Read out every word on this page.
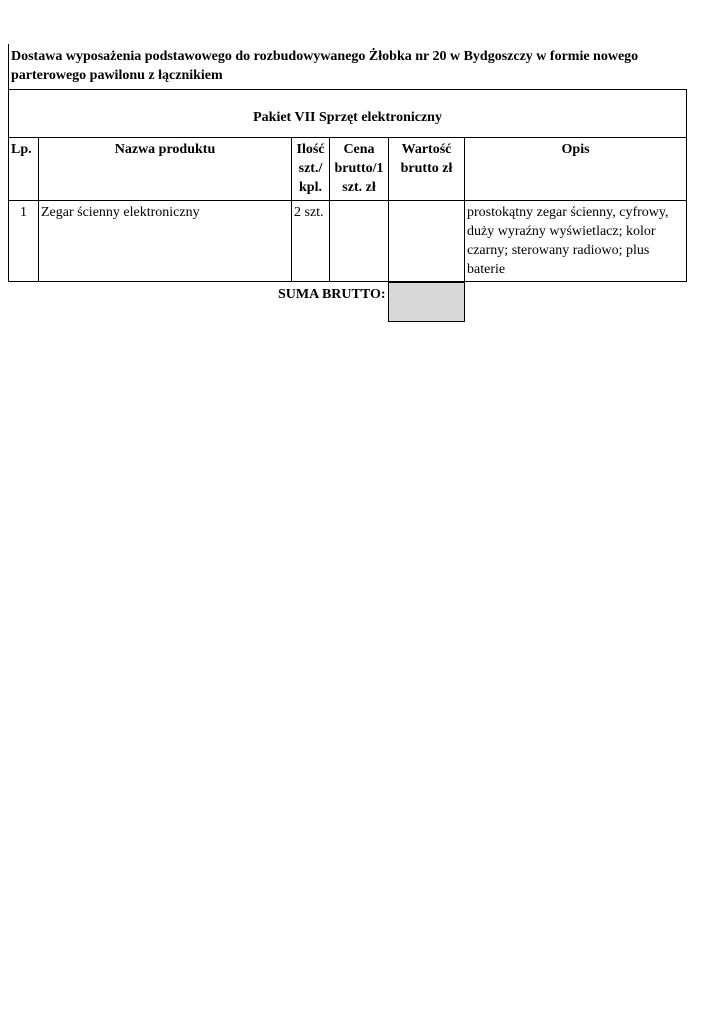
Dostawa wyposażenia podstawowego do rozbudowywanego Żłobka nr 20 w Bydgoszczy w formie nowego parterowego pawilonu z łącznikiem
Pakiet VII Sprzęt elektroniczny					
Lp.	Nazwa produktu	Ilość szt./ kpl.	Cena brutto/1 szt. zł	Wartość brutto zł	Opis
1	Zegar ścienny elektroniczny	2 szt.			prostokątny zegar ścienny, cyfrowy, duży wyraźny wyświetlacz; kolor czarny; sterowany radiowo; plus baterie
SUMA BRUTTO:		
